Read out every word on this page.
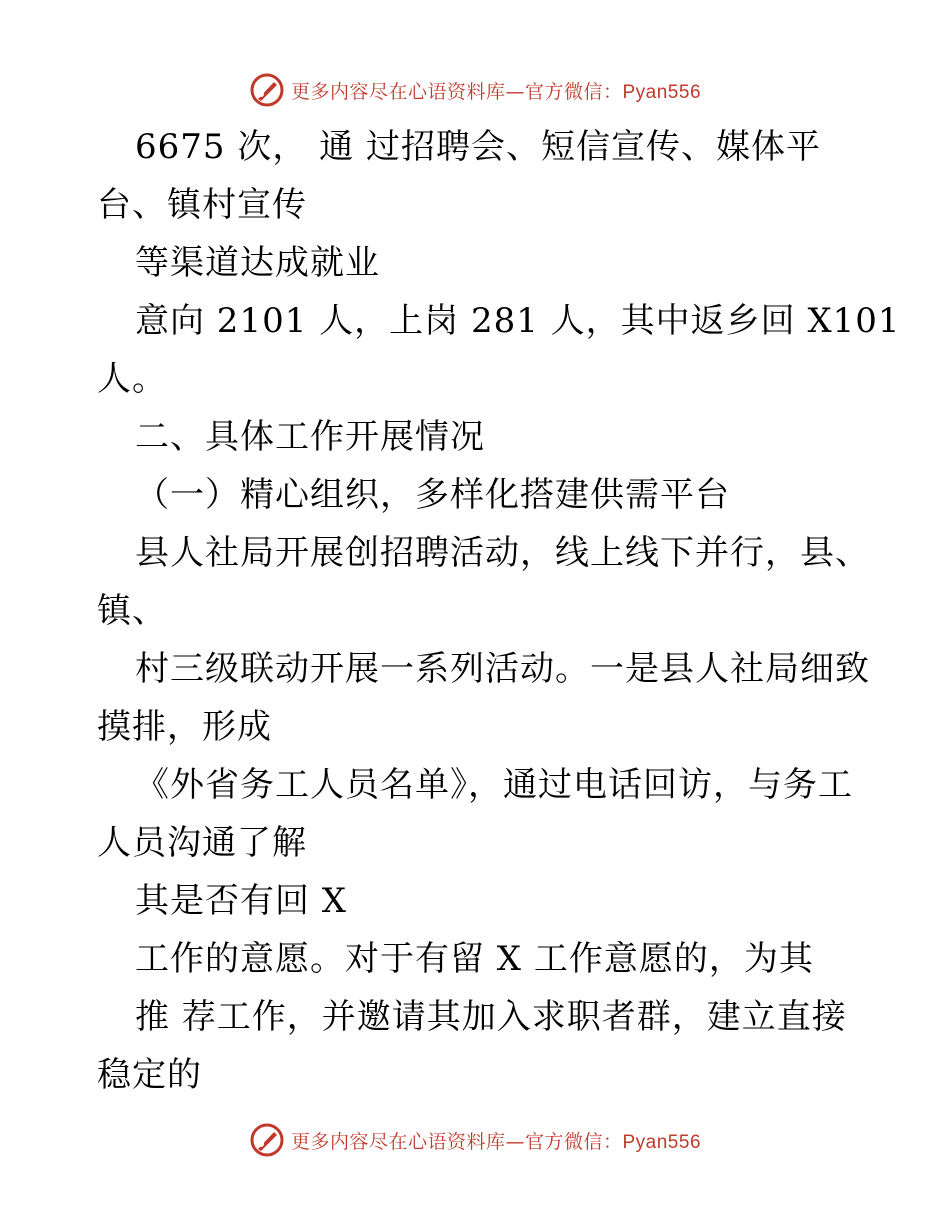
更多内容尽在心语资料库—官方微信：Pyan556
6675 次， 通 过招聘会、短信宣传、媒体平
台、镇村宣传
等渠道达成就业
意向 2101 人，上岗 281 人，其中返乡回 X101
人。
二、具体工作开展情况
（一）精心组织，多样化搭建供需平台
县人社局开展创招聘活动，线上线下并行，县、
镇、
村三级联动开展一系列活动。一是县人社局细致
摸排，形成
《外省务工人员名单》，通过电话回访，与务工
人员沟通了解
其是否有回 X
工作的意愿。对于有留 X 工作意愿的，为其
推 荐工作，并邀请其加入求职者群，建立直接
稳定的
更多内容尽在心语资料库—官方微信：Pyan556
